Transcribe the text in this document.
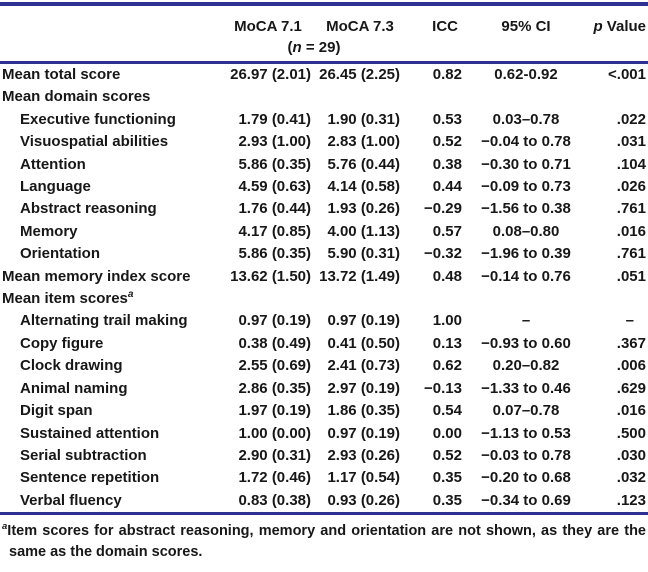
	MoCA 7.1	MoCA 7.3	ICC	95% CI	p Value
	(n = 29)				
Mean total score	26.97 (2.01)	26.45 (2.25)	0.82	0.62-0.92	<.001
Mean domain scores					
Executive functioning	1.79 (0.41)	1.90 (0.31)	0.53	0.03–0.78	.022
Visuospatial abilities	2.93 (1.00)	2.83 (1.00)	0.52	−0.04 to 0.78	.031
Attention	5.86 (0.35)	5.76 (0.44)	0.38	−0.30 to 0.71	.104
Language	4.59 (0.63)	4.14 (0.58)	0.44	−0.09 to 0.73	.026
Abstract reasoning	1.76 (0.44)	1.93 (0.26)	−0.29	−1.56 to 0.38	.761
Memory	4.17 (0.85)	4.00 (1.13)	0.57	0.08–0.80	.016
Orientation	5.86 (0.35)	5.90 (0.31)	−0.32	−1.96 to 0.39	.761
Mean memory index score	13.62 (1.50)	13.72 (1.49)	0.48	−0.14 to 0.76	.051
Mean item scores$^a$					
Alternating trail making	0.97 (0.19)	0.97 (0.19)	1.00	–	–
Copy figure	0.38 (0.49)	0.41 (0.50)	0.13	−0.93 to 0.60	.367
Clock drawing	2.55 (0.69)	2.41 (0.73)	0.62	0.20–0.82	.006
Animal naming	2.86 (0.35)	2.97 (0.19)	−0.13	−1.33 to 0.46	.629
Digit span	1.97 (0.19)	1.86 (0.35)	0.54	0.07–0.78	.016
Sustained attention	1.00 (0.00)	0.97 (0.19)	0.00	−1.13 to 0.53	.500
Serial subtraction	2.90 (0.31)	2.93 (0.26)	0.52	−0.03 to 0.78	.030
Sentence repetition	1.72 (0.46)	1.17 (0.54)	0.35	−0.20 to 0.68	.032
Verbal fluency	0.83 (0.38)	0.93 (0.26)	0.35	−0.34 to 0.69	.123

$^a$Item scores for abstract reasoning, memory and orientation are not shown, as they are the same as the domain scores.
